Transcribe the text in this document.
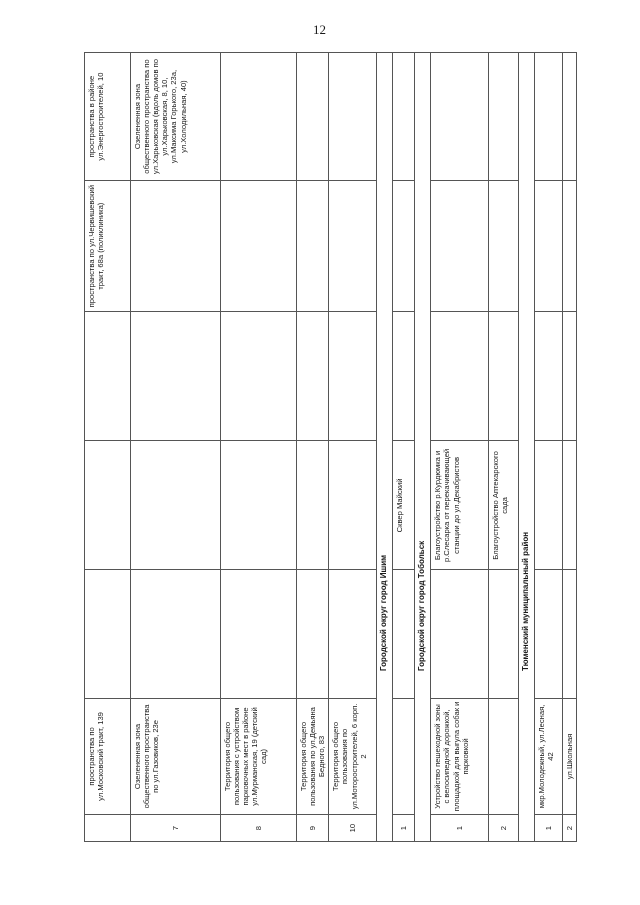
12
	пространства по ул.Московский тракт, 139				пространства по ул.Червишевский тракт, 68а (поликлиника)	пространства в районе ул.Энергостроителей, 10
7	Озелененная зона общественного пространства по ул.Газовиков, 23е					Озелененная зона общественного пространства по ул.Харьковская (вдоль домов по ул.Харьковская, 8, 10, ул.Максима Горького, 23а, ул.Холодильная, 40)
8	Территория общего пользования с устройством парковочных мест в районе ул.Мурманская, 19 (детский сад)					
9	Территория общего пользования по ул.Демьяна Бедного, 83					
10	Территория общего пользования по ул.Моторостроителей, 6 корп. 2					
Городской округ город Ишим						
1			Сквер Майский			
Городской округ город Тобольск						
1	Устройство пешеходной зоны с велосипедной дорожкой, площадкой для выгула собак и парковкой		Благоустройство р.Курдюмка и р.Слесарка от перекачивающей станции до ул.Декабристов			
2			Благоустройство Аптекарского сада			
Тюменский муниципальный район						
1	мкр.Молодежный, ул.Лесная, 42					
2	ул.Школьная					
